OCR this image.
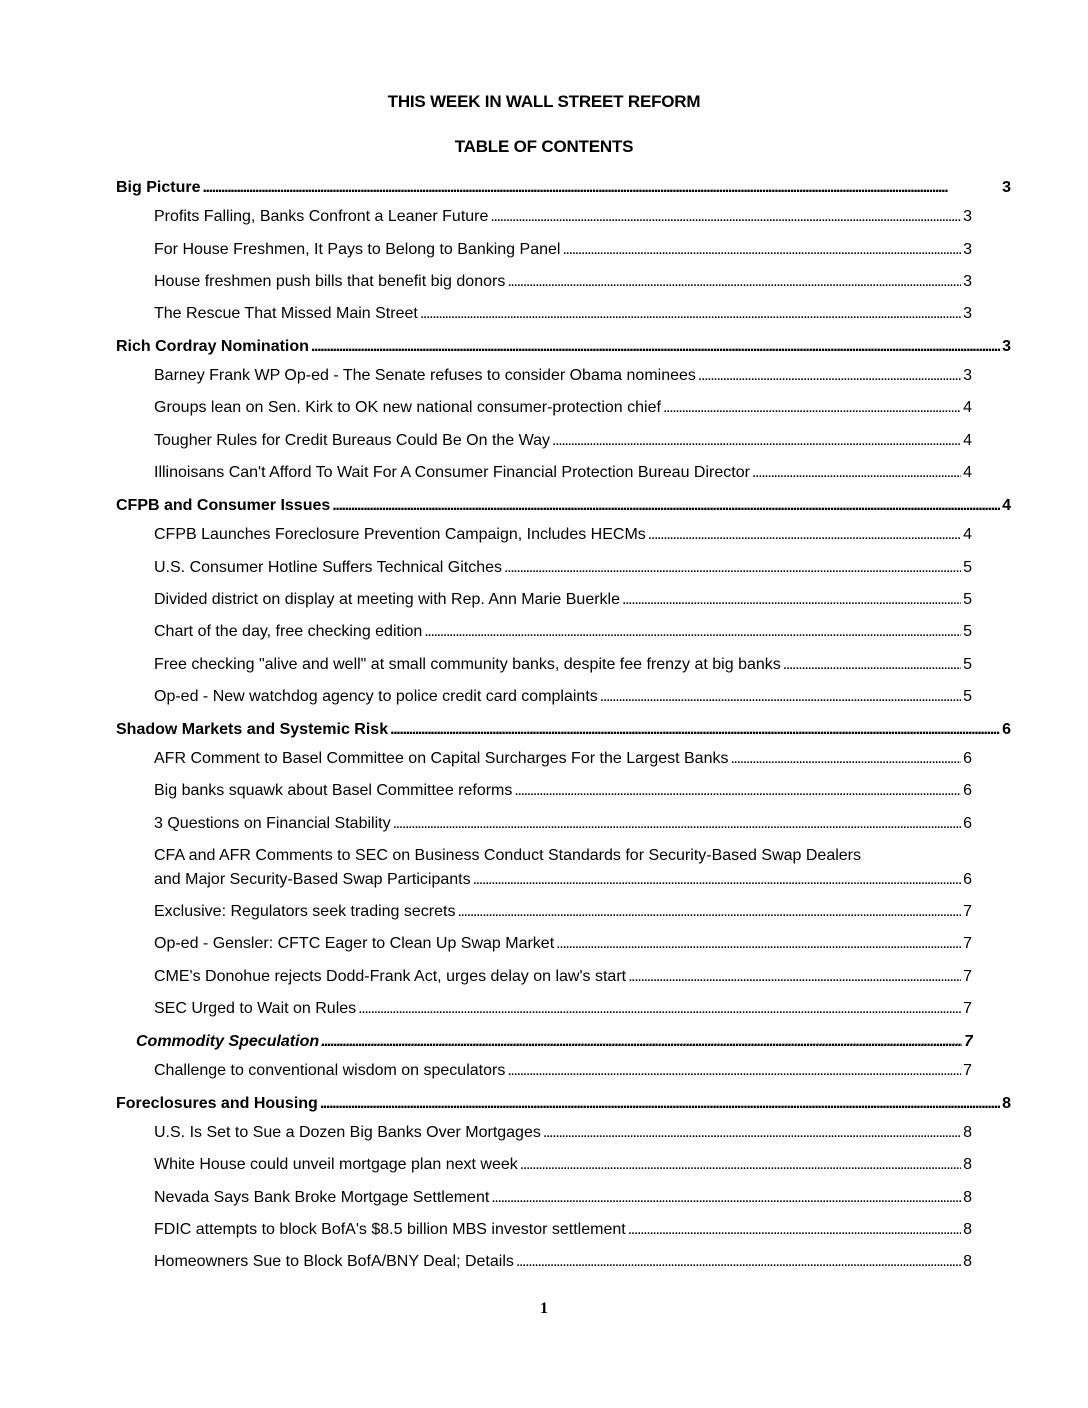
THIS WEEK IN WALL STREET REFORM
TABLE OF CONTENTS
Big Picture . . .	3
Profits Falling, Banks Confront a Leaner Future . . .	3
For House Freshmen, It Pays to Belong to Banking Panel . . .	3
House freshmen push bills that benefit big donors . . .	3
The Rescue That Missed Main Street . . .	3
Rich Cordray Nomination . . .	3
Barney Frank WP Op-ed - The Senate refuses to consider Obama nominees . . .	3
Groups lean on Sen. Kirk to OK new national consumer-protection chief . . .	4
Tougher Rules for Credit Bureaus Could Be On the Way . . .	4
Illinoisans Can't Afford To Wait For A Consumer Financial Protection Bureau Director . . .	4
CFPB and Consumer Issues . . .	4
CFPB Launches Foreclosure Prevention Campaign, Includes HECMs . . .	4
U.S. Consumer Hotline Suffers Technical Gitches . . .	5
Divided district on display at meeting with Rep. Ann Marie Buerkle . . .	5
Chart of the day, free checking edition . . .	5
Free checking "alive and well" at small community banks, despite fee frenzy at big banks . . .	5
Op-ed - New watchdog agency to police credit card complaints . . .	5
Shadow Markets and Systemic Risk . . .	6
AFR Comment to Basel Committee on Capital Surcharges For the Largest Banks . . .	6
Big banks squawk about Basel Committee reforms . . .	6
3 Questions on Financial Stability . . .	6
CFA and AFR Comments to SEC on Business Conduct Standards for Security-Based Swap Dealers
and Major Security-Based Swap Participants . . .	6
Exclusive: Regulators seek trading secrets . . .	7
Op-ed - Gensler: CFTC Eager to Clean Up Swap Market . . .	7
CME's Donohue rejects Dodd-Frank Act, urges delay on law's start . . .	7
SEC Urged to Wait on Rules . . .	7
Commodity Speculation . . .	7
Challenge to conventional wisdom on speculators . . .	7
Foreclosures and Housing . . .	8
U.S. Is Set to Sue a Dozen Big Banks Over Mortgages . . .	8
White House could unveil mortgage plan next week . . .	8
Nevada Says Bank Broke Mortgage Settlement . . .	8
FDIC attempts to block BofA's $8.5 billion MBS investor settlement . . .	8
Homeowners Sue to Block BofA/BNY Deal; Details . . .	8
1
